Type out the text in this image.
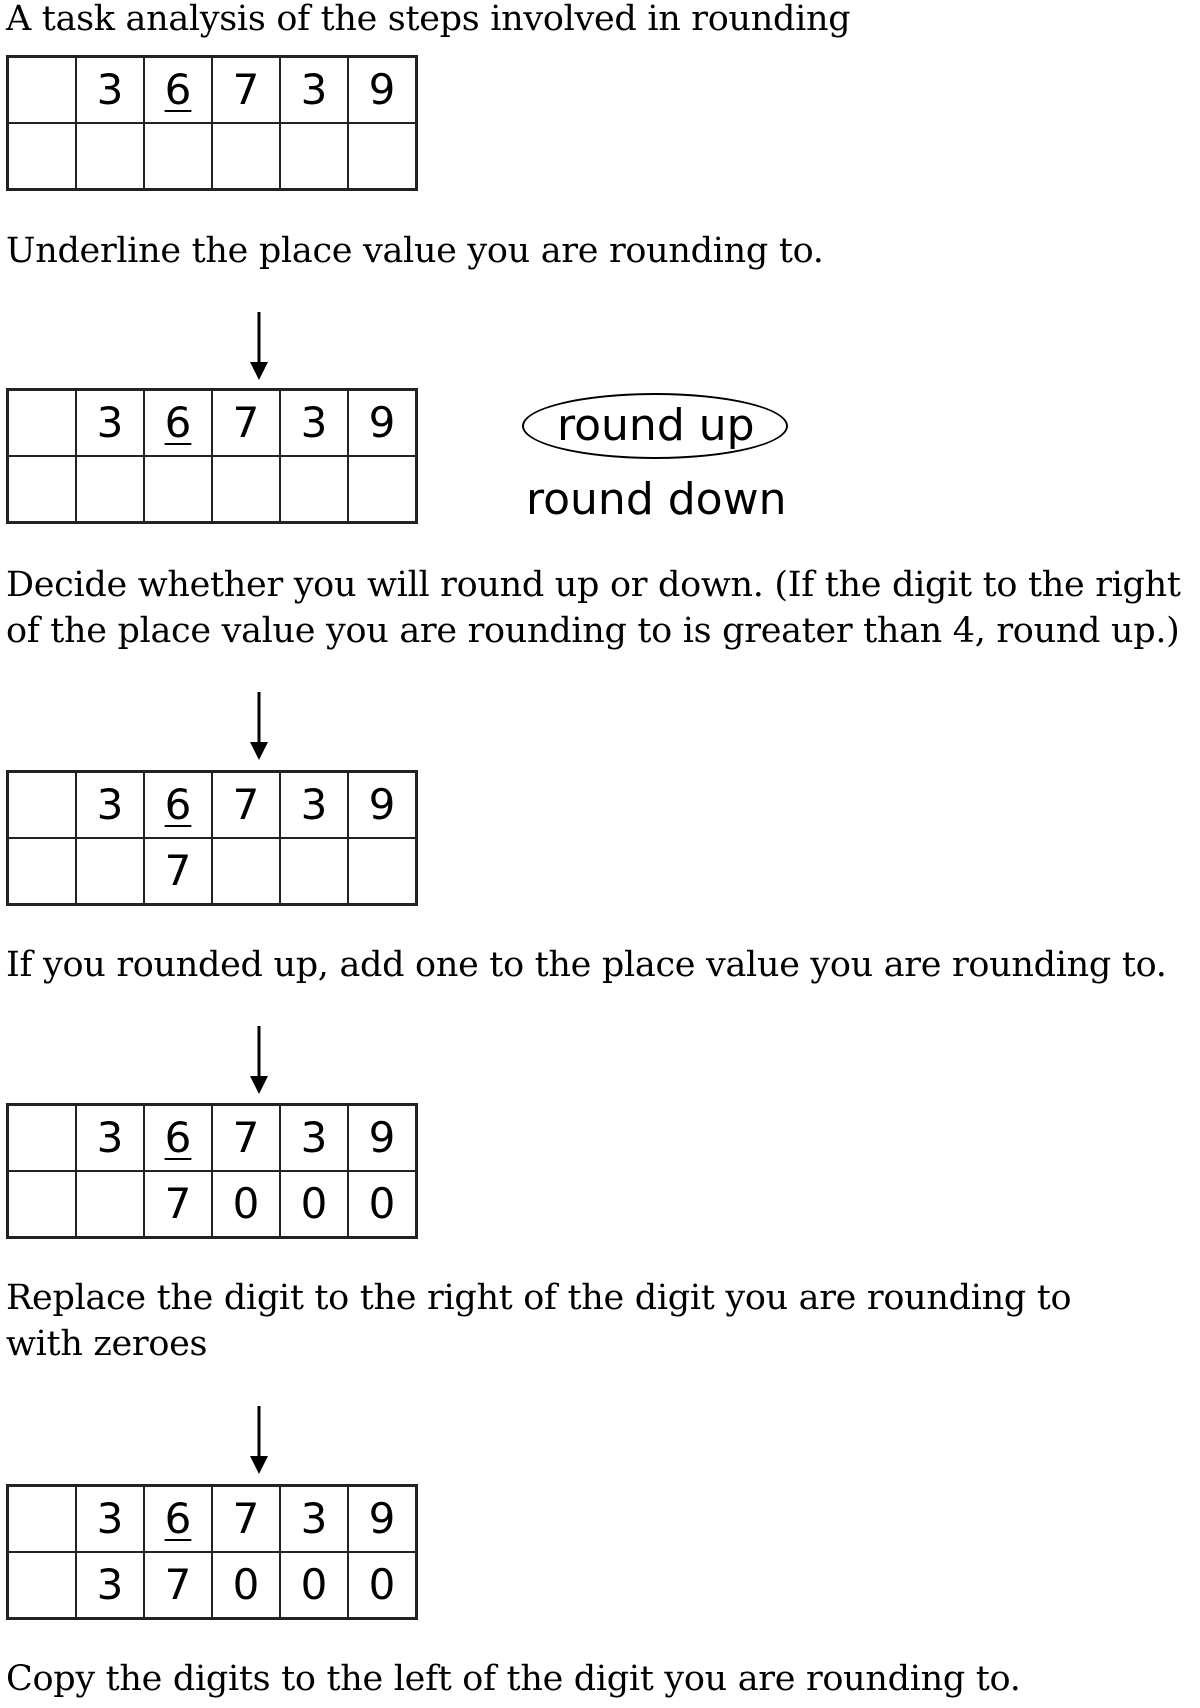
A task analysis of the steps involved in rounding

	3	6	7	3	9

Underline the place value you are rounding to.

	3	6	7	3	9
						round up
round down

Decide whether you will round up or down. (If the digit to the right

of the place value you are rounding to is greater than 4, round up.)

	3	6	7	3	9
		7			

If you rounded up, add one to the place value you are rounding to.

	3	6	7	3	9
		7	0	0	0

Replace the digit to the right of the digit you are rounding to

with zeroes

	3	6	7	3	9
	3	7	0	0	0

Copy the digits to the left of the digit you are rounding to.
